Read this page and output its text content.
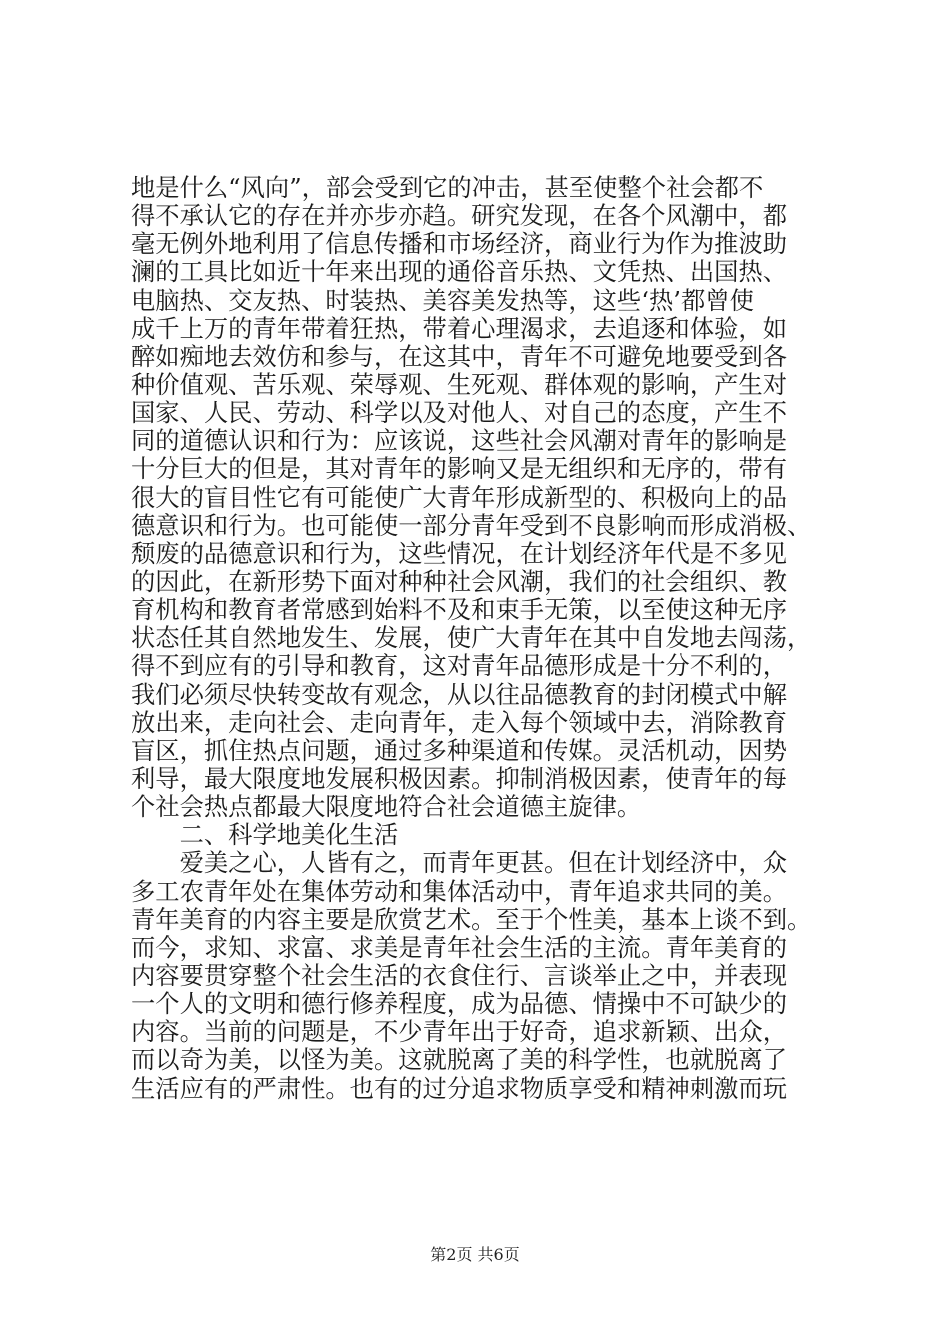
地是什么“风向”，部会受到它的冲击，甚至使整个社会都不
得不承认它的存在并亦步亦趋。研究发现，在各个风潮中，都
毫无例外地利用了信息传播和市场经济，商业行为作为推波助
澜的工具比如近十年来出现的通俗音乐热、文凭热、出国热、
电脑热、交友热、时装热、美容美发热等，这些‘热’都曾使
成千上万的青年带着狂热，带着心理渴求，去追逐和体验，如
醉如痴地去效仿和参与，在这其中，青年不可避免地要受到各
种价值观、苦乐观、荣辱观、生死观、群体观的影响，产生对
国家、人民、劳动、科学以及对他人、对自己的态度，产生不
同的道德认识和行为：应该说，这些社会风潮对青年的影响是
十分巨大的但是，其对青年的影响又是无组织和无序的，带有
很大的盲目性它有可能使广大青年形成新型的、积极向上的品
德意识和行为。也可能使一部分青年受到不良影响而形成消极、
颓废的品德意识和行为，这些情况，在计划经济年代是不多见
的因此，在新形势下面对种种社会风潮，我们的社会组织、教
育机构和教育者常感到始料不及和束手无策，以至使这种无序
状态任其自然地发生、发展，使广大青年在其中自发地去闯荡，
得不到应有的引导和教育，这对青年品德形成是十分不利的，
我们必须尽快转变故有观念，从以往品德教育的封闭模式中解
放出来，走向社会、走向青年，走入每个领域中去，消除教育
盲区，抓住热点问题，通过多种渠道和传媒。灵活机动，因势
利导，最大限度地发展积极因素。抑制消极因素，使青年的每
个社会热点都最大限度地符合社会道德主旋律。
　　二、科学地美化生活
　　爱美之心，人皆有之，而青年更甚。但在计划经济中，众
多工农青年处在集体劳动和集体活动中，青年追求共同的美。
青年美育的内容主要是欣赏艺术。至于个性美，基本上谈不到。
而今，求知、求富、求美是青年社会生活的主流。青年美育的
内容要贯穿整个社会生活的衣食住行、言谈举止之中，并表现
一个人的文明和德行修养程度，成为品德、情操中不可缺少的
内容。当前的问题是，不少青年出于好奇，追求新颖、出众，
而以奇为美，以怪为美。这就脱离了美的科学性，也就脱离了
生活应有的严肃性。也有的过分追求物质享受和精神刺激而玩
第2页 共6页
